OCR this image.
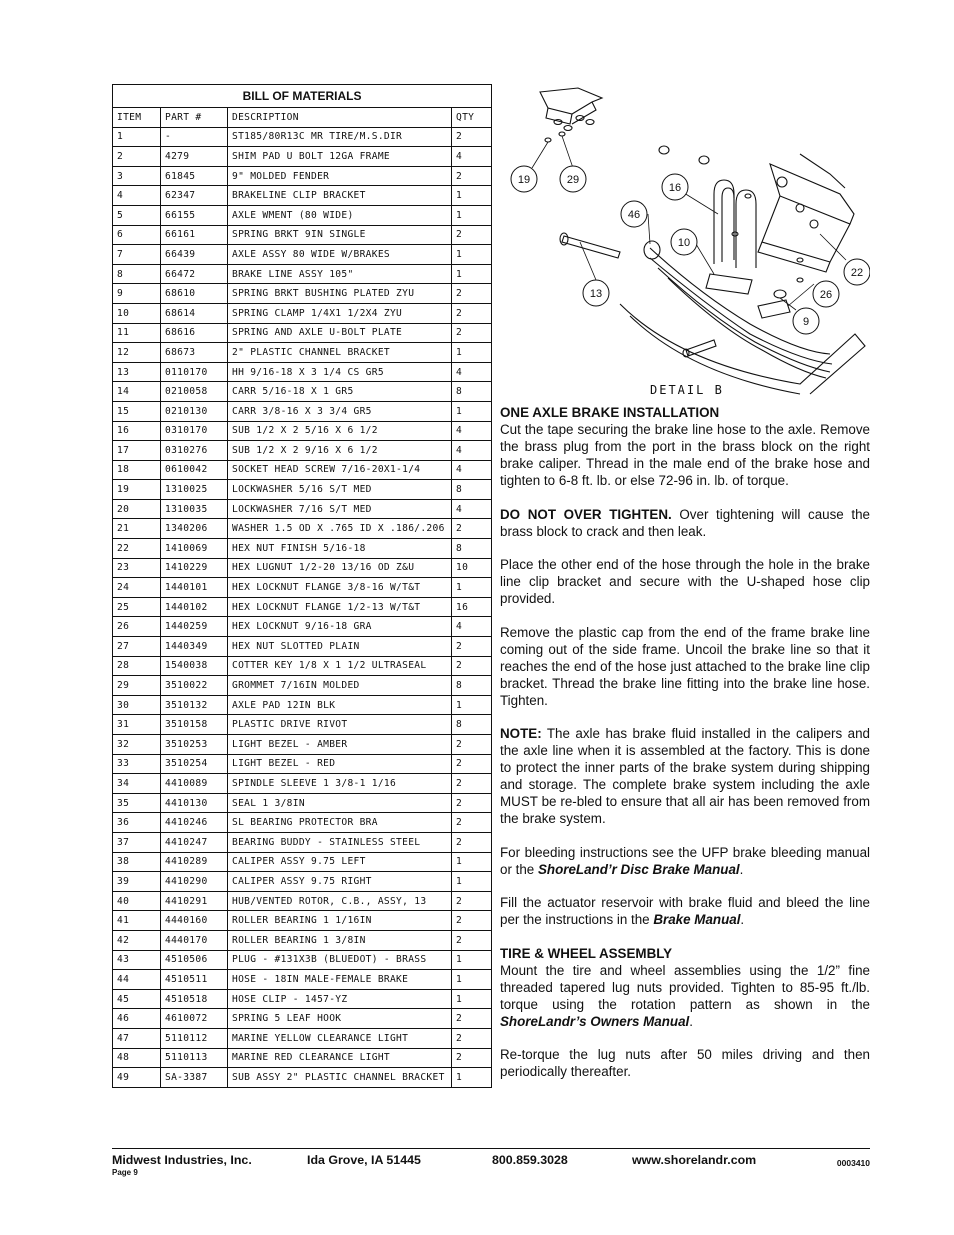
BILL OF MATERIALS			
ITEM	PART #	DESCRIPTION	QTY
1	-	ST185/80R13C MR TIRE/M.S.DIR	2
2	4279	SHIM PAD U BOLT 12GA FRAME	4
3	61845	9" MOLDED FENDER	2
4	62347	BRAKELINE CLIP BRACKET	1
5	66155	AXLE WMENT (80 WIDE)	1
6	66161	SPRING BRKT 9IN SINGLE	2
7	66439	AXLE ASSY 80 WIDE W/BRAKES	1
8	66472	BRAKE LINE ASSY 105"	1
9	68610	SPRING BRKT BUSHING PLATED ZYU	2
10	68614	SPRING CLAMP 1/4X1 1/2X4 ZYU	2
11	68616	SPRING AND AXLE U-BOLT PLATE	2
12	68673	2" PLASTIC CHANNEL BRACKET	1
13	0110170	HH 9/16-18 X 3 1/4 CS GR5	4
14	0210058	CARR 5/16-18 X 1 GR5	8
15	0210130	CARR 3/8-16 X 3 3/4 GR5	1
16	0310170	SUB 1/2 X 2 5/16 X 6 1/2	4
17	0310276	SUB 1/2 X 2 9/16 X 6 1/2	4
18	0610042	SOCKET HEAD SCREW 7/16-20X1-1/4	4
19	1310025	LOCKWASHER 5/16 S/T MED	8
20	1310035	LOCKWASHER 7/16 S/T MED	4
21	1340206	WASHER 1.5 OD X .765 ID X .186/.206	2
22	1410069	HEX NUT FINISH 5/16-18	8
23	1410229	HEX LUGNUT 1/2-20 13/16 OD Z&U	10
24	1440101	HEX LOCKNUT FLANGE 3/8-16 W/T&T	1
25	1440102	HEX LOCKNUT FLANGE 1/2-13 W/T&T	16
26	1440259	HEX LOCKNUT 9/16-18 GRA	4
27	1440349	HEX NUT SLOTTED PLAIN	2
28	1540038	COTTER KEY 1/8 X 1 1/2 ULTRASEAL	2
29	3510022	GROMMET 7/16IN MOLDED	8
30	3510132	AXLE PAD 12IN BLK	1
31	3510158	PLASTIC DRIVE RIVOT	8
32	3510253	LIGHT BEZEL - AMBER	2
33	3510254	LIGHT BEZEL - RED	2
34	4410089	SPINDLE SLEEVE 1 3/8-1 1/16	2
35	4410130	SEAL 1 3/8IN	2
36	4410246	SL BEARING PROTECTOR BRA	2
37	4410247	BEARING BUDDY - STAINLESS STEEL	2
38	4410289	CALIPER ASSY 9.75 LEFT	1
39	4410290	CALIPER ASSY 9.75 RIGHT	1
40	4410291	HUB/VENTED ROTOR, C.B., ASSY, 13	2
41	4440160	ROLLER BEARING 1 1/16IN	2
42	4440170	ROLLER BEARING 1 3/8IN	2
43	4510506	PLUG - #131X3B (BLUEDOT) - BRASS	1
44	4510511	HOSE - 18IN MALE-FEMALE BRAKE	1
45	4510518	HOSE CLIP - 1457-YZ	1
46	4610072	SPRING 5 LEAF HOOK	2
47	5110112	MARINE YELLOW CLEARANCE LIGHT	2
48	5110113	MARINE RED CLEARANCE LIGHT	2
49	SA-3387	SUB ASSY 2" PLASTIC CHANNEL BRACKET	1
19	29
16
46
10
13
22
26
9
DETAIL B
ONE AXLE BRAKE INSTALLATION

Cut the tape securing the brake line hose to the axle. Remove the brass plug from the port in the brass block on the right brake caliper. Thread in the male end of the brake hose and tighten to 6-8 ft. lb. or else 72-96 in. lb. of torque.

DO NOT OVER TIGHTEN. Over tightening will cause the brass block to crack and then leak.

Place the other end of the hose through the hole in the brake line clip bracket and secure with the U-shaped hose clip provided.

Remove the plastic cap from the end of the frame brake line coming out of the side frame. Uncoil the brake line so that it reaches the end of the hose just attached to the brake line clip bracket. Thread the brake line fitting into the brake line hose. Tighten.

NOTE: The axle has brake fluid installed in the calipers and the axle line when it is assembled at the factory. This is done to protect the inner parts of the brake system during shipping and storage. The complete brake system including the axle MUST be re-bled to ensure that all air has been removed from the brake system.

For bleeding instructions see the UFP brake bleeding manual or the ShoreLand’r Disc Brake Manual.

Fill the actuator reservoir with brake fluid and bleed the line per the instructions in the Brake Manual.

TIRE & WHEEL ASSEMBLY

Mount the tire and wheel assemblies using the 1/2” fine threaded tapered lug nuts provided. Tighten to 85-95 ft./lb. torque using the rotation pattern as shown in the ShoreLandr’s Owners Manual.

Re-torque the lug nuts after 50 miles driving and then periodically thereafter.

Midwest Industries, Inc.	Ida Grove, IA 51445	800.859.3028	www.shorelandr.com
Page 9
0003410
